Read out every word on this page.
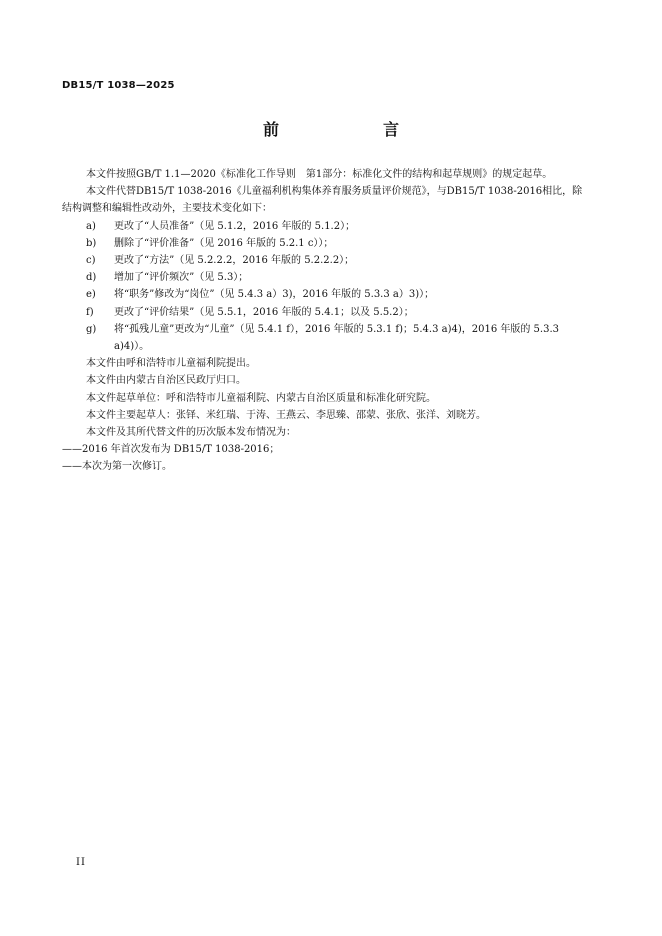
DB15/T 1038—2025
前　言

本文件按照GB/T 1.1—2020《标准化工作导则　第1部分：标准化文件的结构和起草规则》的规定起草。

本文件代替DB15/T 1038-2016《儿童福利机构集体养育服务质量评价规范》，与DB15/T 1038-2016相比，除结构调整和编辑性改动外，主要技术变化如下：

a)	更改了“人员准备”（见 5.1.2，2016 年版的 5.1.2）；
b)	删除了“评价准备”（见 2016 年版的 5.2.1 c））；
c)	更改了“方法”（见 5.2.2.2，2016 年版的 5.2.2.2）；
d)	增加了“评价频次”（见 5.3）；
e)	将“职务”修改为“岗位”（见 5.4.3 a）3)，2016 年版的 5.3.3 a）3)）；
f)	更改了“评价结果”（见 5.5.1，2016 年版的 5.4.1；以及 5.5.2）；
g)	将“孤残儿童”更改为“儿童”（见 5.4.1 f），2016 年版的 5.3.1 f)；5.4.3 a)4)，2016 年版的 5.3.3 a)4)）。

本文件由呼和浩特市儿童福利院提出。

本文件由内蒙古自治区民政厅归口。

本文件起草单位：呼和浩特市儿童福利院、内蒙古自治区质量和标准化研究院。

本文件主要起草人：张铎、米红瑞、于涛、王燕云、李思臻、邵蒙、张欣、张洋、刘晓芳。

本文件及其所代替文件的历次版本发布情况为：

——2016 年首次发布为 DB15/T 1038-2016；

——本次为第一次修订。

II
